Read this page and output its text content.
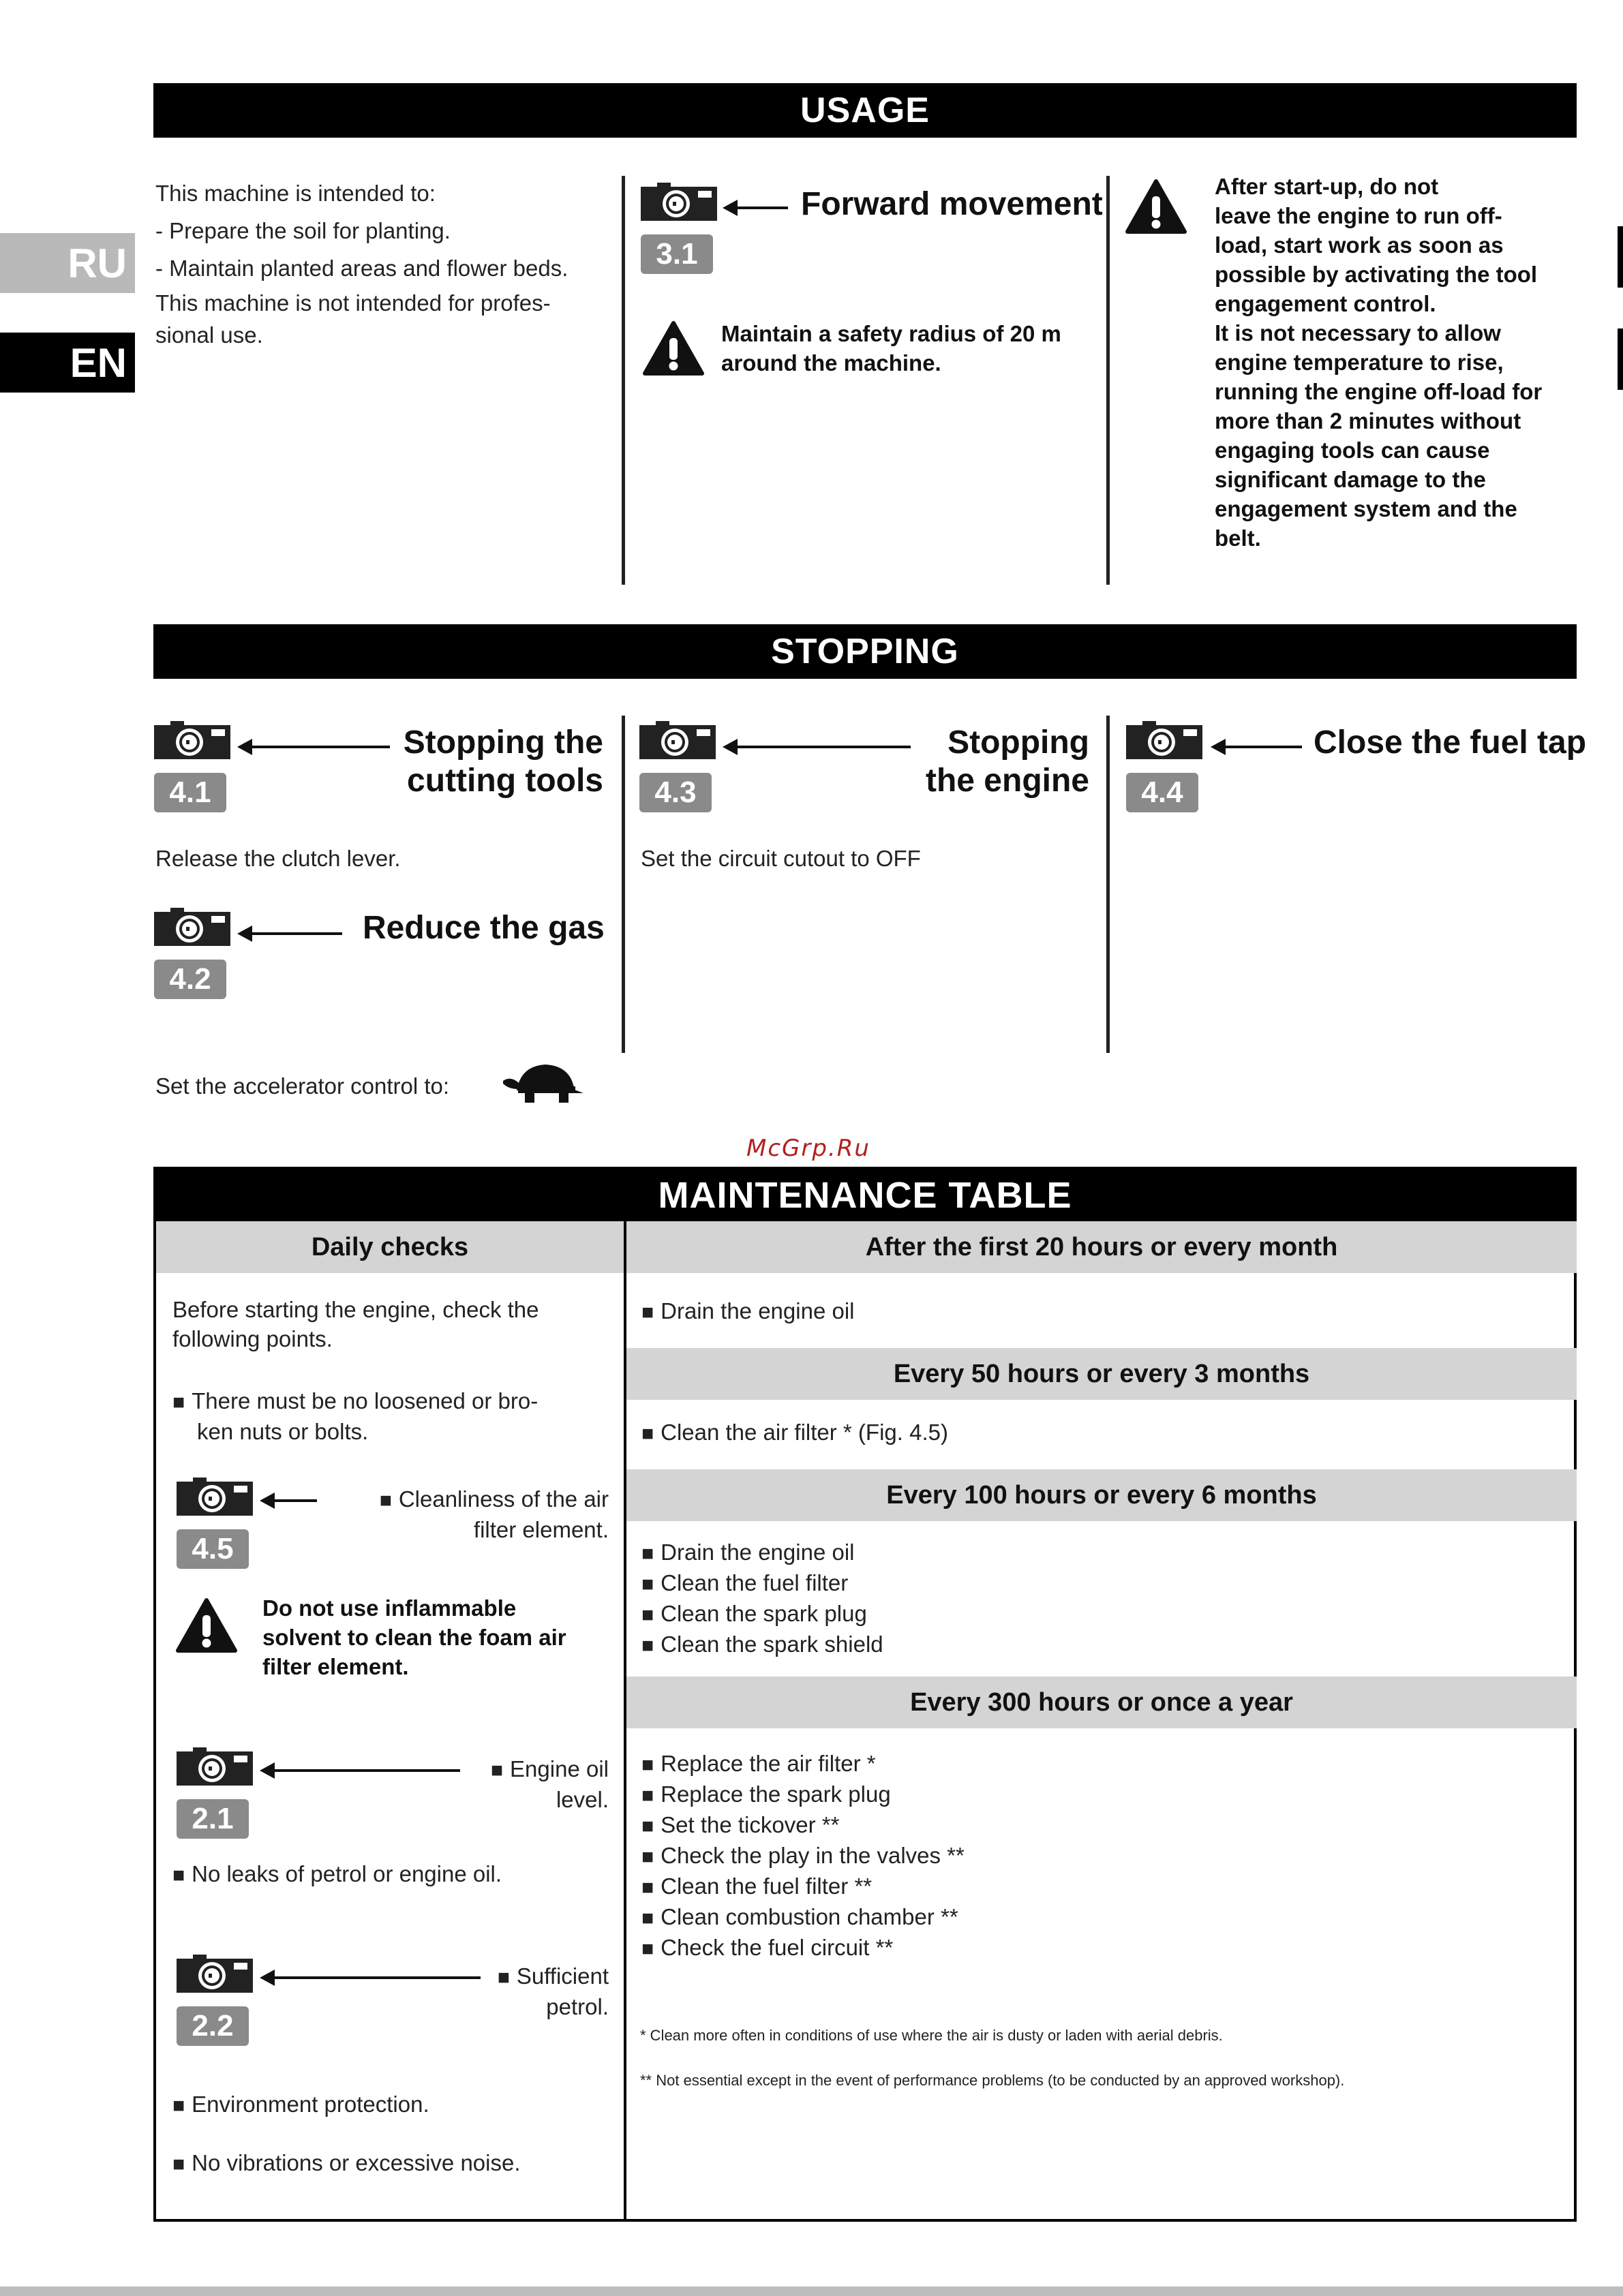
RU
EN
USAGE
This machine is intended to:
- Prepare the soil for planting.
- Maintain planted areas and flower beds.
This machine is not intended for profes-
sional use.
3.1
Forward movement
Maintain a safety radius of 20 m
around the machine.
After start-up, do not
leave the engine to run off-
load, start work as soon as
possible by activating the tool
engagement control.
It is not necessary to allow
engine temperature to rise,
running the engine off-load for
more than 2 minutes without
engaging tools can cause
significant damage to the
engagement system and the
belt.
STOPPING
4.1
Stopping the
cutting tools
Release the clutch lever.
4.2
Reduce the gas
Set the accelerator control to:
4.3
Stopping
the engine
Set the circuit cutout to OFF
4.4
Close the fuel tap
McGrp.Ru
MAINTENANCE TABLE
Daily checks
Before starting the engine, check the
following points.
■ There must be no loosened or bro-
ken nuts or bolts.
4.5
■ Cleanliness of the air
filter element.
Do not use inflammable
solvent to clean the foam air
filter element.
2.1
■ Engine oil
level.
■ No leaks of petrol or engine oil.
2.2
■ Sufficient
petrol.
■ Environment protection.
■ No vibrations or excessive noise.
After the first 20 hours or every month
■ Drain the engine oil
Every 50 hours or every 3 months
■ Clean the air filter * (Fig. 4.5)
Every 100 hours or every 6 months
■ Drain the engine oil
■ Clean the fuel filter
■ Clean the spark plug
■ Clean the spark shield
Every 300 hours or once a year
■ Replace the air filter *
■ Replace the spark plug
■ Set the tickover **
■ Check the play in the valves **
■ Clean the fuel filter **
■ Clean combustion chamber **
■ Check the fuel circuit **
* Clean more often in conditions of use where the air is dusty or laden with aerial debris.
** Not essential except in the event of performance problems (to be conducted by an approved workshop).
